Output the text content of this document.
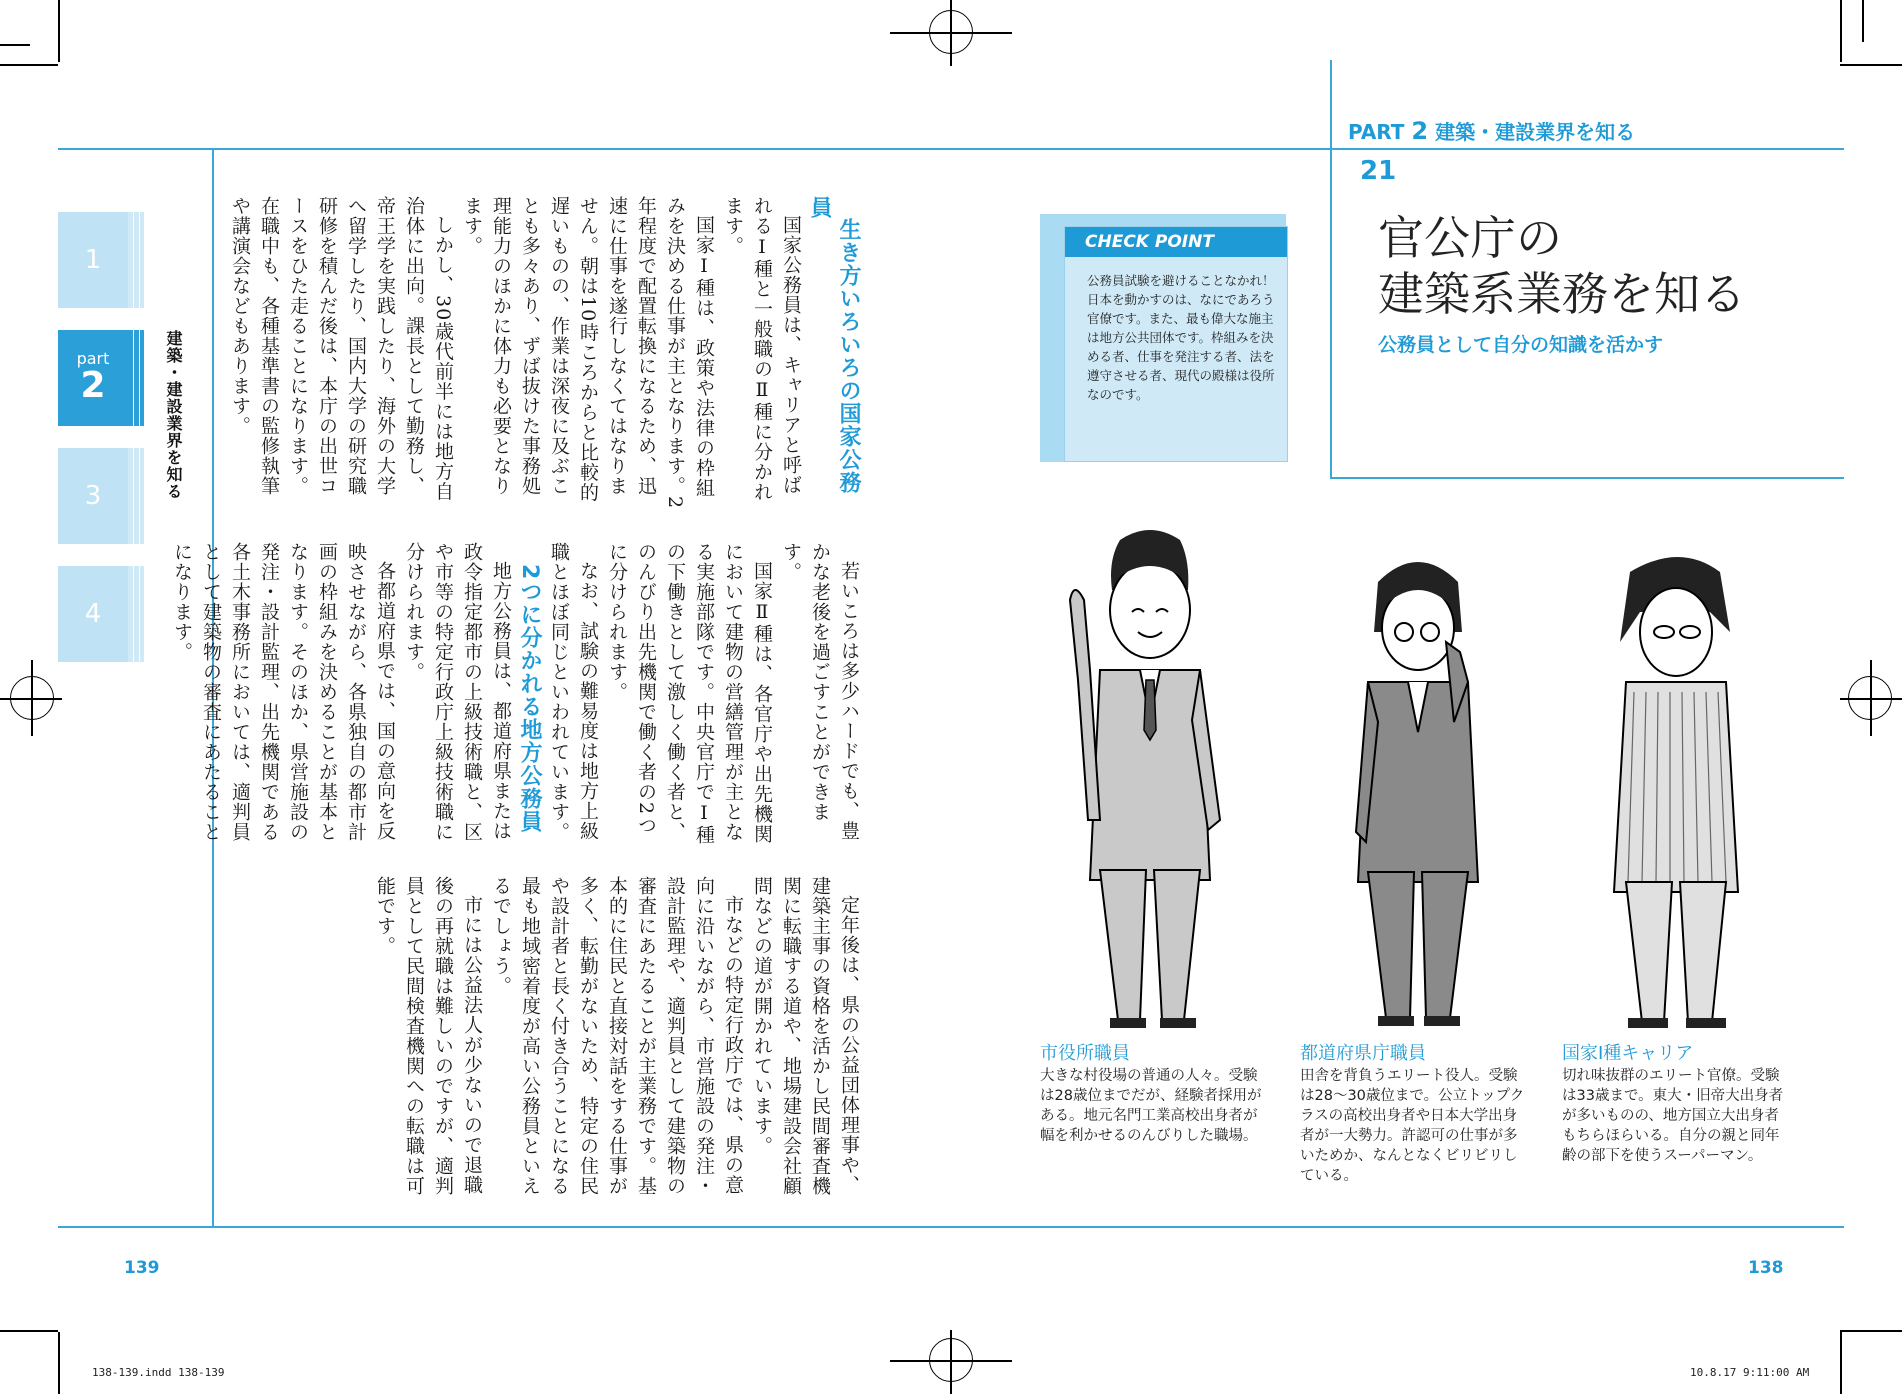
1
part
2
3
4
建築・建設業界を知る	生き方いろいろの国家公務員

国家公務員は、キャリアと呼ばれるⅠ種と一般職のⅡ種に分かれます。

国家Ⅰ種は、政策や法律の枠組みを決める仕事が主となります。2年程度で配置転換になるため、迅速に仕事を遂行しなくてはなりません。朝は10時ころからと比較的遅いものの、作業は深夜に及ぶことも多々あり、ずば抜けた事務処理能力のほかに体力も必要となります。

しかし、30歳代前半には地方自治体に出向。課長として勤務し、帝王学を実践したり、海外の大学へ留学したり、国内大学の研究職研修を積んだ後は、本庁の出世コースをひた走ることになります。在職中も、各種基準書の監修執筆や講演会などもあります。

若いころは多少ハードでも、豊かな老後を過ごすことができます。

国家Ⅱ種は、各官庁や出先機関において建物の営繕管理が主となる実施部隊です。中央官庁でⅠ種の下働きとして激しく働く者と、のんびり出先機関で働く者の2つに分けられます。

なお、試験の難易度は地方上級職とほぼ同じといわれています。

2つに分かれる地方公務員

地方公務員は、都道府県または政令指定都市の上級技術職と、区や市等の特定行政庁上級技術職に分けられます。

各都道府県では、国の意向を反映させながら、各県独自の都市計画の枠組みを決めることが基本となります。そのほか、県営施設の発注・設計監理、出先機関である各土木事務所においては、適判員として建築物の審査にあたることになります。

定年後は、県の公益団体理事や、建築主事の資格を活かし民間審査機関に転職する道や、地場建設会社顧問などの道が開かれています。

市などの特定行政庁では、県の意向に沿いながら、市営施設の発注・設計監理や、適判員として建築物の審査にあたることが主業務です。基本的に住民と直接対話をする仕事が多く、転勤がないため、特定の住民や設計者と長く付き合うことになる最も地域密着度が高い公務員といえるでしょう。

市には公益法人が少ないので退職後の再就職は難しいのですが、適判員として民間検査機関への転職は可能です。

PART 2 建築・建設業界を知る
21
官公庁の
建築系業務を知る
公務員として自分の知識を活かす
CHECK POINT
公務員試験を避けることなかれ！日本を動かすのは、なにであろう官僚です。また、最も偉大な施主は地方公共団体です。枠組みを決める者、仕事を発注する者、法を遵守させる者、現代の殿様は役所なのです。
市役所職員
大きな村役場の普通の人々。受験は28歳位までだが、経験者採用がある。地元名門工業高校出身者が幅を利かせるのんびりした職場。
都道府県庁職員
田舎を背負うエリート役人。受験は28～30歳位まで。公立トップクラスの高校出身者や日本大学出身者が一大勢力。許認可の仕事が多いためか、なんとなくビリビリしている。
国家Ⅰ種キャリア
切れ味抜群のエリート官僚。受験は33歳まで。東大・旧帝大出身者が多いものの、地方国立大出身者もちらほらいる。自分の親と同年齢の部下を使うスーパーマン。
139	138
138-139.indd 138-139	10.8.17 9:11:00 AM
